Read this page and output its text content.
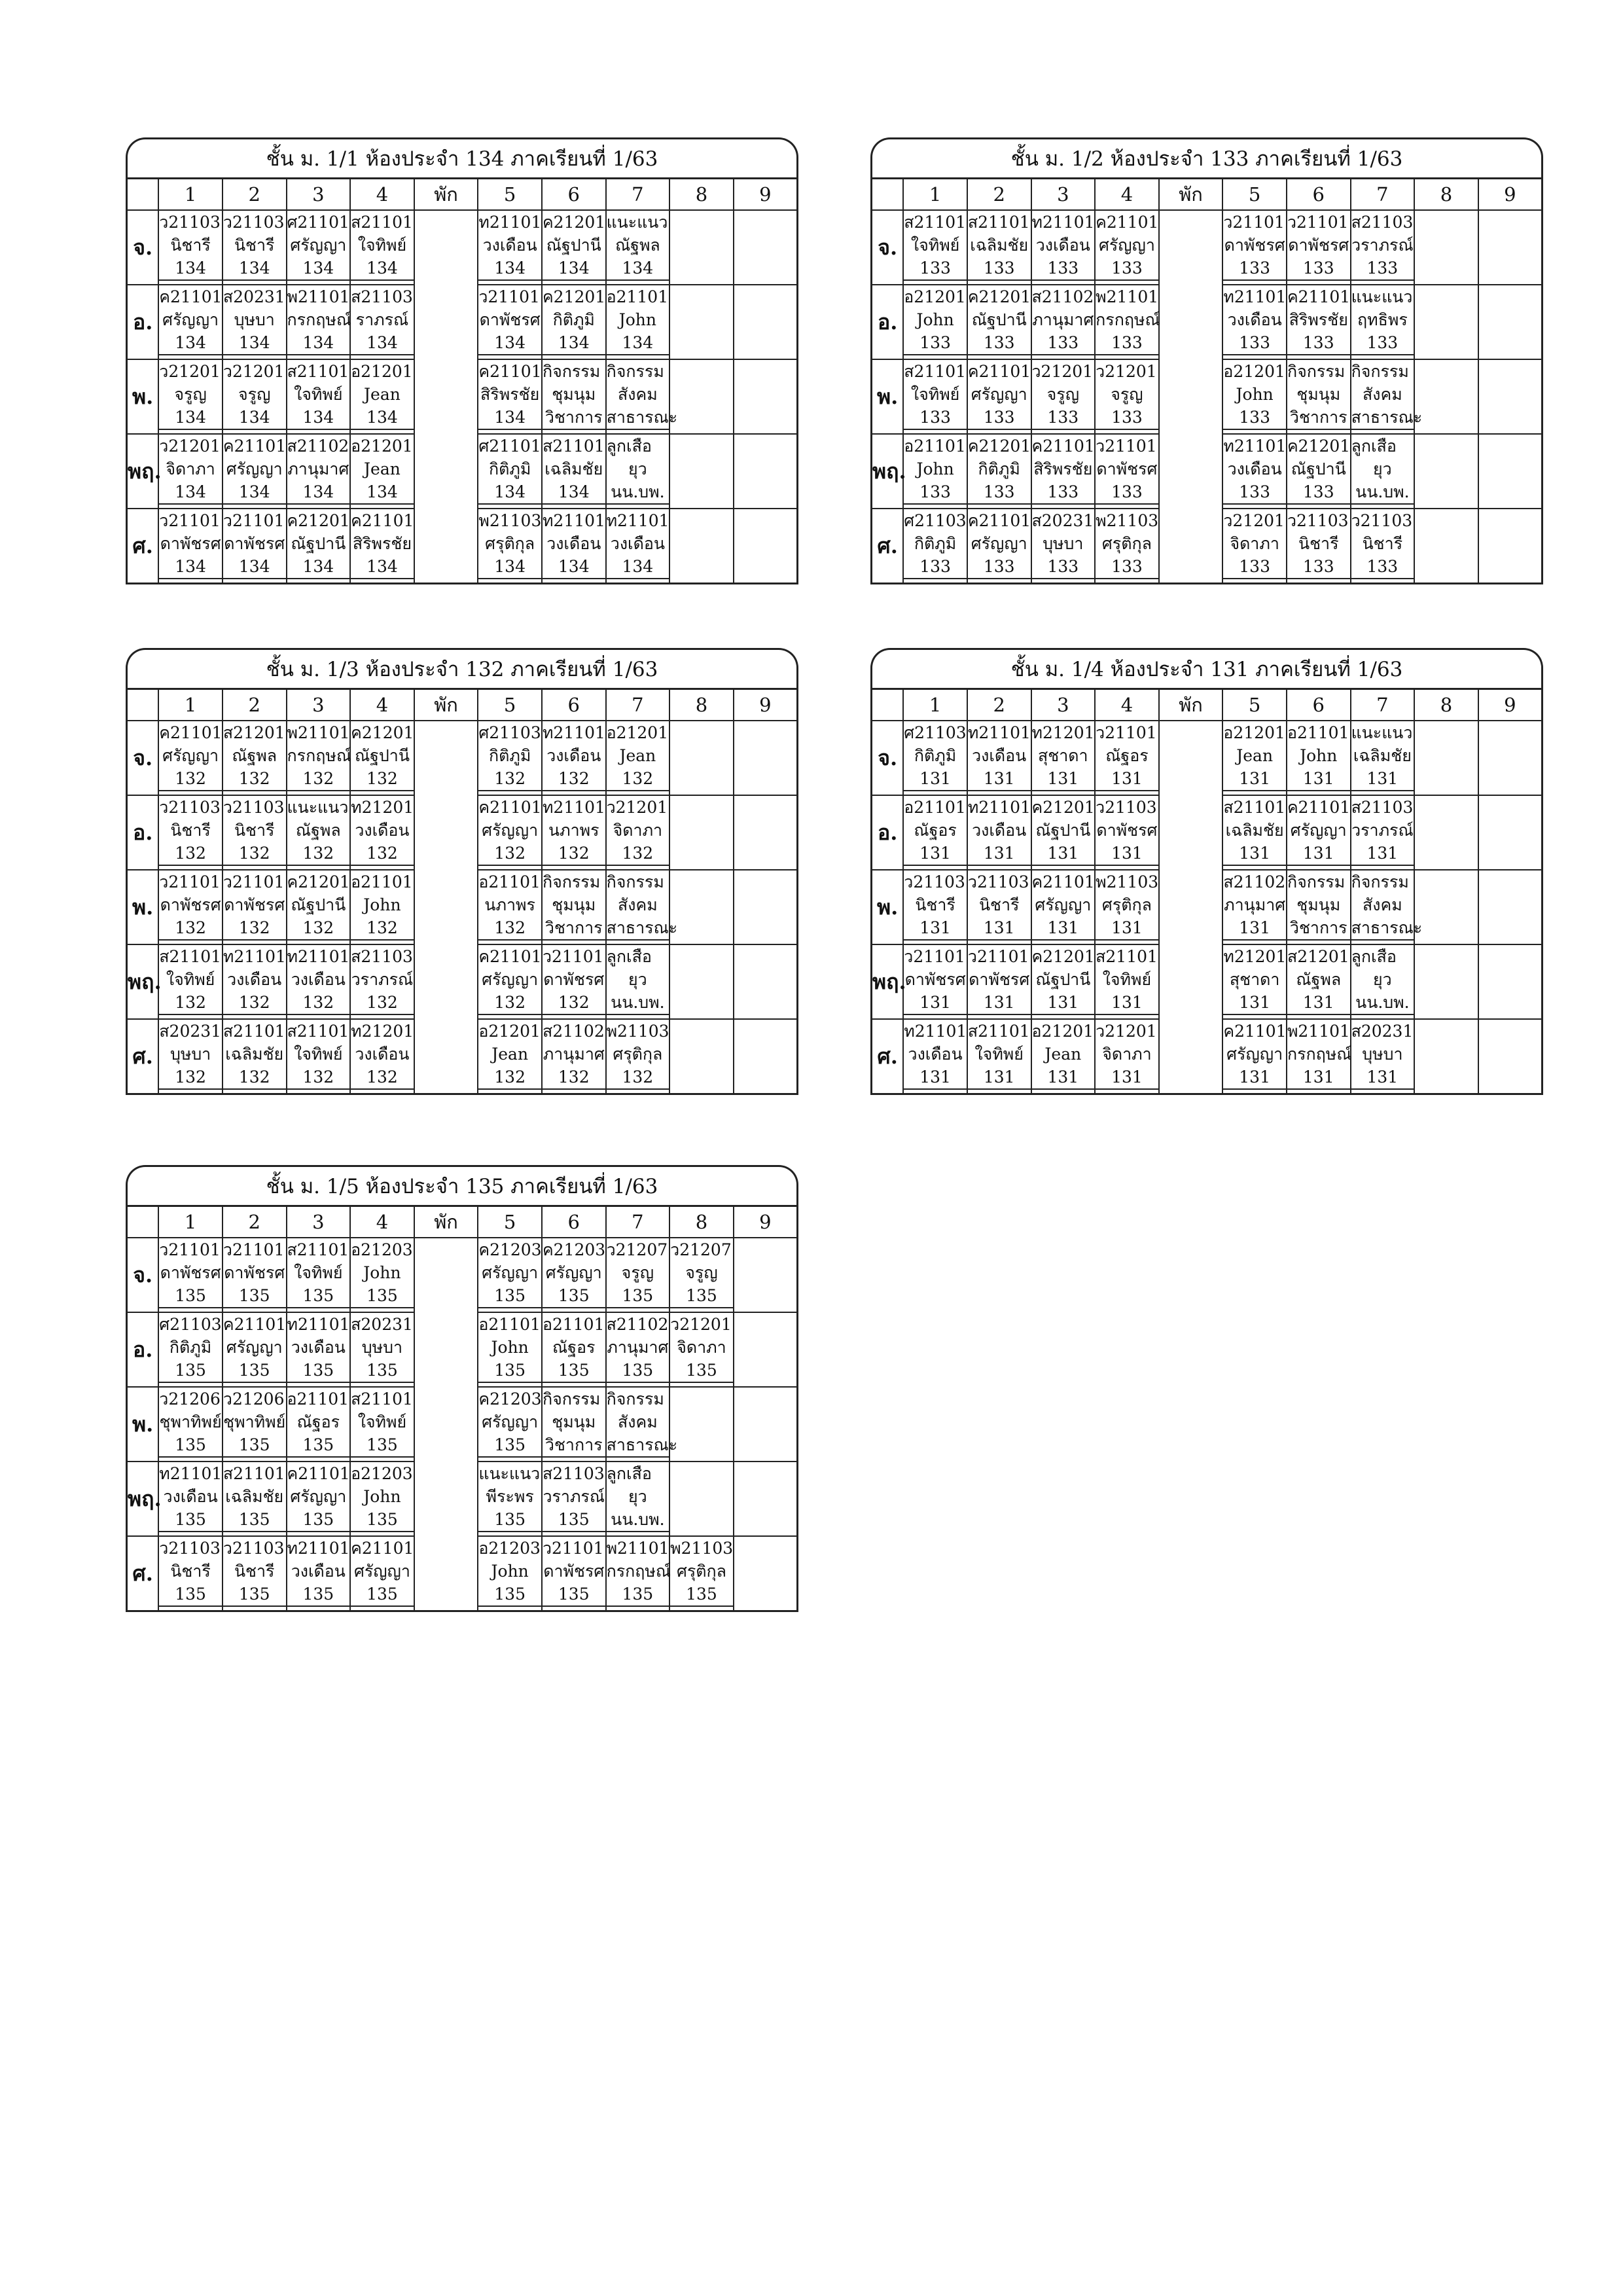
ชั้น ม. 1/1 ห้องประจำ 134 ภาคเรียนที่ 1/63
	1	2	3	4	พัก	5	6	7	8	9
จ.	ว21103
นิชารี
134	ว21103
นิชารี
134	ศ21101
ศรัญญา
134	ส21101
ใจทิพย์
134		ท21101
วงเดือน
134	ค21201
ณัฐปานี
134	แนะแนว
ณัฐพล
134		

อ.	ค21101
ศรัญญา
134	ส20231
บุษบา
134	พ21101
กรกฤษณ์
134	ส21103
ราภรณ์
134		ว21101
ดาพัชรศ
134	ค21201
กิติภูมิ
134	อ21101
John
134		

พ.	ว21201
จรูญ
134	ว21201
จรูญ
134	ส21101
ใจทิพย์
134	อ21201
Jean
134		ค21101
สิริพรชัย
134	กิจกรรม
ชุมนุม
วิชาการ	กิจกรรม
สังคม
สาธารณะ		

พฤ.	ว21201
จิดาภา
134	ค21101
ศรัญญา
134	ส21102
ภานุมาศ
134	อ21201
Jean
134		ศ21101
กิติภูมิ
134	ส21101
เฉลิมชัย
134	ลูกเสือ
ยุว
นน.บพ.		

ศ.	ว21101
ดาพัชรศ
134	ว21101
ดาพัชรศ
134	ค21201
ณัฐปานี
134	ค21101
สิริพรชัย
134		พ21103
ศรุติกุล
134	ท21101
วงเดือน
134	ท21101
วงเดือน
134		

ชั้น ม. 1/2 ห้องประจำ 133 ภาคเรียนที่ 1/63
	1	2	3	4	พัก	5	6	7	8	9
จ.	ส21101
ใจทิพย์
133	ส21101
เฉลิมชัย
133	ท21101
วงเดือน
133	ค21101
ศรัญญา
133		ว21101
ดาพัชรศ
133	ว21101
ดาพัชรศ
133	ส21103
วราภรณ์
133		

อ.	อ21201
John
133	ค21201
ณัฐปานี
133	ส21102
ภานุมาศ
133	พ21101
กรกฤษณ์
133		ท21101
วงเดือน
133	ค21101
สิริพรชัย
133	แนะแนว
ฤทธิพร
133		

พ.	ส21101
ใจทิพย์
133	ค21101
ศรัญญา
133	ว21201
จรูญ
133	ว21201
จรูญ
133		อ21201
John
133	กิจกรรม
ชุมนุม
วิชาการ	กิจกรรม
สังคม
สาธารณะ		

พฤ.	อ21101
John
133	ค21201
กิติภูมิ
133	ค21101
สิริพรชัย
133	ว21101
ดาพัชรศ
133		ท21101
วงเดือน
133	ค21201
ณัฐปานี
133	ลูกเสือ
ยุว
นน.บพ.		

ศ.	ศ21103
กิติภูมิ
133	ค21101
ศรัญญา
133	ส20231
บุษบา
133	พ21103
ศรุติกุล
133		ว21201
จิดาภา
133	ว21103
นิชารี
133	ว21103
นิชารี
133		

ชั้น ม. 1/3 ห้องประจำ 132 ภาคเรียนที่ 1/63
	1	2	3	4	พัก	5	6	7	8	9
จ.	ค21101
ศรัญญา
132	ส21201
ณัฐพล
132	พ21101
กรกฤษณ์
132	ค21201
ณัฐปานี
132		ศ21103
กิติภูมิ
132	ท21101
วงเดือน
132	อ21201
Jean
132		

อ.	ว21103
นิชารี
132	ว21103
นิชารี
132	แนะแนว
ณัฐพล
132	ท21201
วงเดือน
132		ค21101
ศรัญญา
132	ท21101
นภาพร
132	ว21201
จิดาภา
132		

พ.	ว21101
ดาพัชรศ
132	ว21101
ดาพัชรศ
132	ค21201
ณัฐปานี
132	อ21101
John
132		อ21101
นภาพร
132	กิจกรรม
ชุมนุม
วิชาการ	กิจกรรม
สังคม
สาธารณะ		

พฤ.	ส21101
ใจทิพย์
132	ท21101
วงเดือน
132	ท21101
วงเดือน
132	ส21103
วราภรณ์
132		ค21101
ศรัญญา
132	ว21101
ดาพัชรศ
132	ลูกเสือ
ยุว
นน.บพ.		

ศ.	ส20231
บุษบา
132	ส21101
เฉลิมชัย
132	ส21101
ใจทิพย์
132	ท21201
วงเดือน
132		อ21201
Jean
132	ส21102
ภานุมาศ
132	พ21103
ศรุติกุล
132		

ชั้น ม. 1/4 ห้องประจำ 131 ภาคเรียนที่ 1/63
	1	2	3	4	พัก	5	6	7	8	9
จ.	ศ21103
กิติภูมิ
131	ท21101
วงเดือน
131	ท21201
สุชาดา
131	ว21101
ณัฐอร
131		อ21201
Jean
131	อ21101
John
131	แนะแนว
เฉลิมชัย
131		

อ.	อ21101
ณัฐอร
131	ท21101
วงเดือน
131	ค21201
ณัฐปานี
131	ว21103
ดาพัชรศ
131		ส21101
เฉลิมชัย
131	ค21101
ศรัญญา
131	ส21103
วราภรณ์
131		

พ.	ว21103
นิชารี
131	ว21103
นิชารี
131	ค21101
ศรัญญา
131	พ21103
ศรุติกุล
131		ส21102
ภานุมาศ
131	กิจกรรม
ชุมนุม
วิชาการ	กิจกรรม
สังคม
สาธารณะ		

พฤ.	ว21101
ดาพัชรศ
131	ว21101
ดาพัชรศ
131	ค21201
ณัฐปานี
131	ส21101
ใจทิพย์
131		ท21201
สุชาดา
131	ส21201
ณัฐพล
131	ลูกเสือ
ยุว
นน.บพ.		

ศ.	ท21101
วงเดือน
131	ส21101
ใจทิพย์
131	อ21201
Jean
131	ว21201
จิดาภา
131		ค21101
ศรัญญา
131	พ21101
กรกฤษณ์
131	ส20231
บุษบา
131		

ชั้น ม. 1/5 ห้องประจำ 135 ภาคเรียนที่ 1/63
	1	2	3	4	พัก	5	6	7	8	9
จ.	ว21101
ดาพัชรศ
135	ว21101
ดาพัชรศ
135	ส21101
ใจทิพย์
135	อ21203
John
135		ค21203
ศรัญญา
135	ค21203
ศรัญญา
135	ว21207
จรูญ
135	ว21207
จรูญ
135	

อ.	ศ21103
กิติภูมิ
135	ค21101
ศรัญญา
135	ท21101
วงเดือน
135	ส20231
บุษบา
135		อ21101
John
135	อ21101
ณัฐอร
135	ส21102
ภานุมาศ
135	ว21201
จิดาภา
135	

พ.	ว21206
ชุพาทิพย์
135	ว21206
ชุพาทิพย์
135	อ21101
ณัฐอร
135	ส21101
ใจทิพย์
135		ค21203
ศรัญญา
135	กิจกรรม
ชุมนุม
วิชาการ	กิจกรรม
สังคม
สาธารณะ		

พฤ.	ท21101
วงเดือน
135	ส21101
เฉลิมชัย
135	ค21101
ศรัญญา
135	อ21203
John
135		แนะแนว
พีระพร
135	ส21103
วราภรณ์
135	ลูกเสือ
ยุว
นน.บพ.		

ศ.	ว21103
นิชารี
135	ว21103
นิชารี
135	ท21101
วงเดือน
135	ค21101
ศรัญญา
135		อ21203
John
135	ว21101
ดาพัชรศ
135	พ21101
กรกฤษณ์
135	พ21103
ศรุติกุล
135	
